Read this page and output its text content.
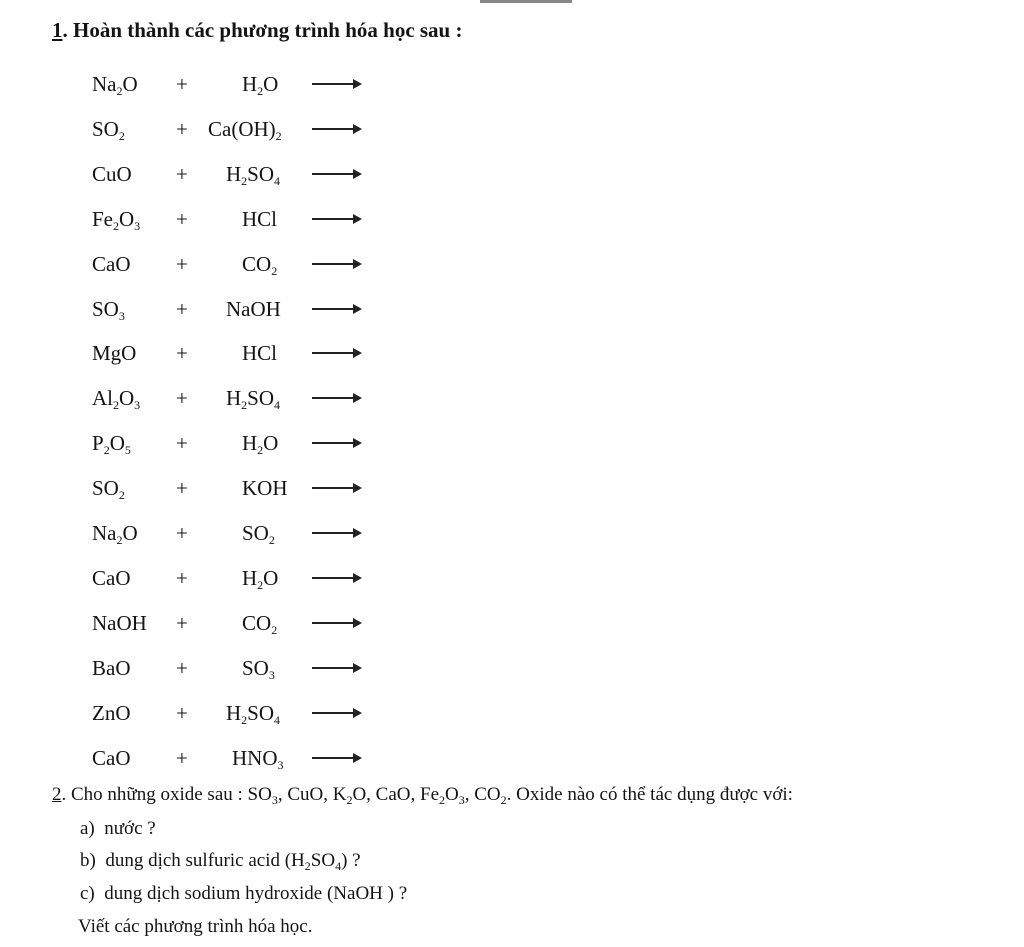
1. Hoàn thành các phương trình hóa học sau :
$Na_2O$ +	$H_2O$
$SO_2 + Ca(OH)_2$ →
CuO + $H_2SO_4$
$Fe_2O_3$ +	HCl
CaO +	$CO_2$
$SO_3$ + NaOH →
MgO +	HCl
$Al_2O_3 + H_2SO_4$
$P_2O_5$ +	$H_2O$
$SO_2$ +	KOH →
$Na_2O$ +	$SO_2$
CaO +	$H_2O$
NaOH +	$CO_2$
BaO +	$SO_3$
ZnO + $H_2SO_4$
CaO + $HNO_3$ →
2. Cho những oxide sau : $SO_3$, CuO, $K_2O$, CaO, $Fe_2O_3$, $CO_2$. Oxide nào có thể tác dụng được với:
a)  nước ?
b)  dung dịch sulfuric acid $(H_2SO_4)$ ?
c)  dung dịch sodium hydroxide (NaOH ) ?
Viết các phương trình hóa học.
